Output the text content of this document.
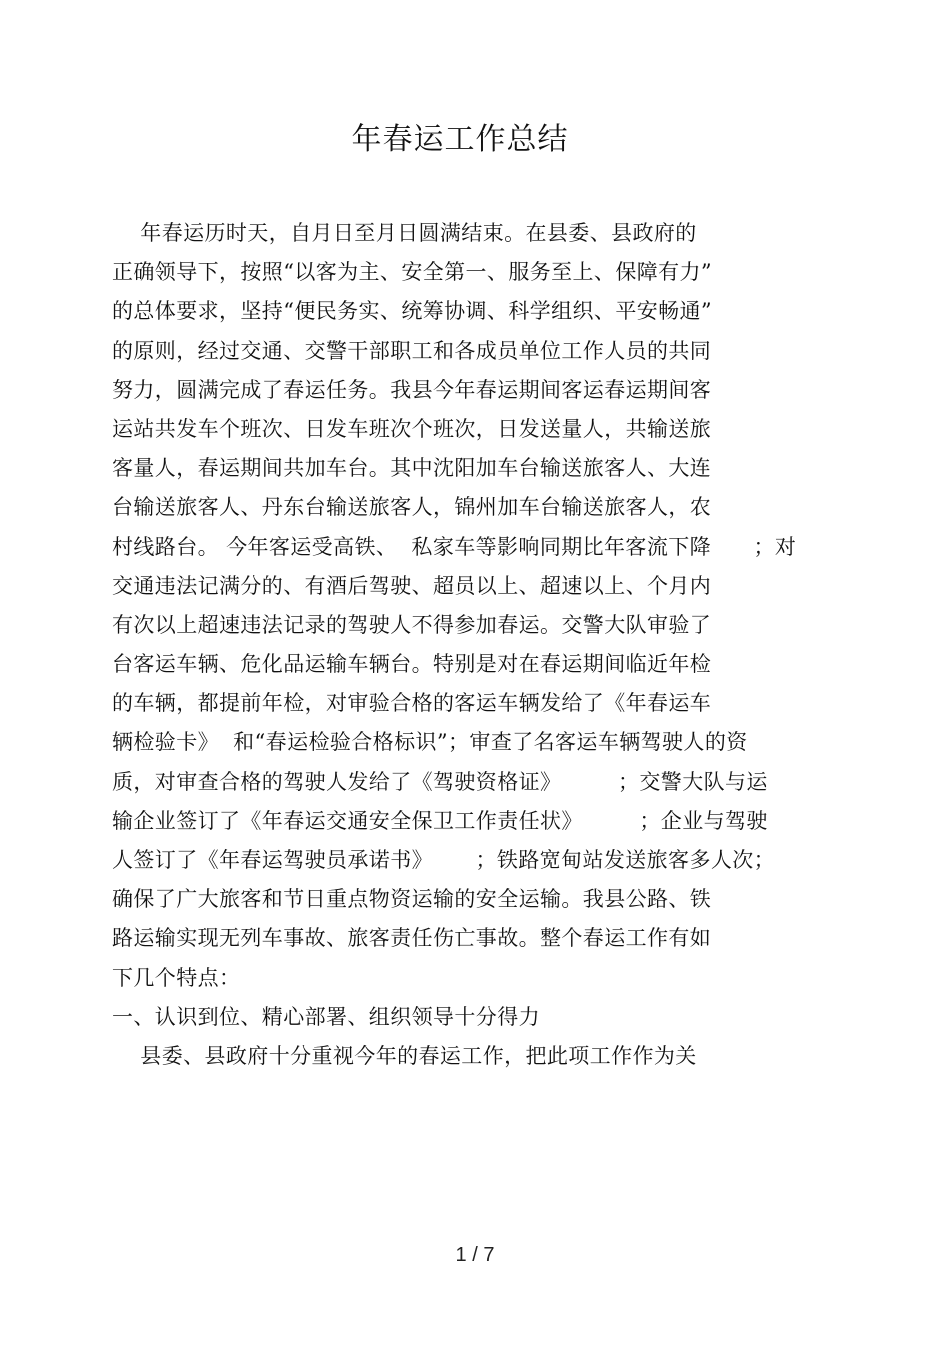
年春运工作总结
年春运历时天，自月日至月日圆满结束。在县委、县政府的
正确领导下，按照“以客为主、安全第一、服务至上、保障有力”
的总体要求，坚持“便民务实、统筹协调、科学组织、平安畅通”
的原则，经过交通、交警干部职工和各成员单位工作人员的共同
努力，圆满完成了春运任务。我县今年春运期间客运春运期间客
运站共发车个班次、日发车班次个班次，日发送量人，共输送旅
客量人，春运期间共加车台。其中沈阳加车台输送旅客人、大连
台输送旅客人、丹东台输送旅客人，锦州加车台输送旅客人，农
村线路台。 今年客运受高铁、  私家车等影响同期比年客流下降      ；对
交通违法记满分的、有酒后驾驶、超员以上、超速以上、个月内
有次以上超速违法记录的驾驶人不得参加春运。交警大队审验了
台客运车辆、危化品运输车辆台。特别是对在春运期间临近年检
的车辆，都提前年检，对审验合格的客运车辆发给了《年春运车
辆检验卡》  和“春运检验合格标识”；审查了名客运车辆驾驶人的资
质，对审查合格的驾驶人发给了《驾驶资格证》        ；交警大队与运
输企业签订了《年春运交通安全保卫工作责任状》        ；企业与驾驶
人签订了《年春运驾驶员承诺书》      ；铁路宽甸站发送旅客多人次；
确保了广大旅客和节日重点物资运输的安全运输。我县公路、铁
路运输实现无列车事故、旅客责任伤亡事故。整个春运工作有如
下几个特点：
一、认识到位、精心部署、组织领导十分得力
县委、县政府十分重视今年的春运工作，把此项工作作为关
1 / 7
